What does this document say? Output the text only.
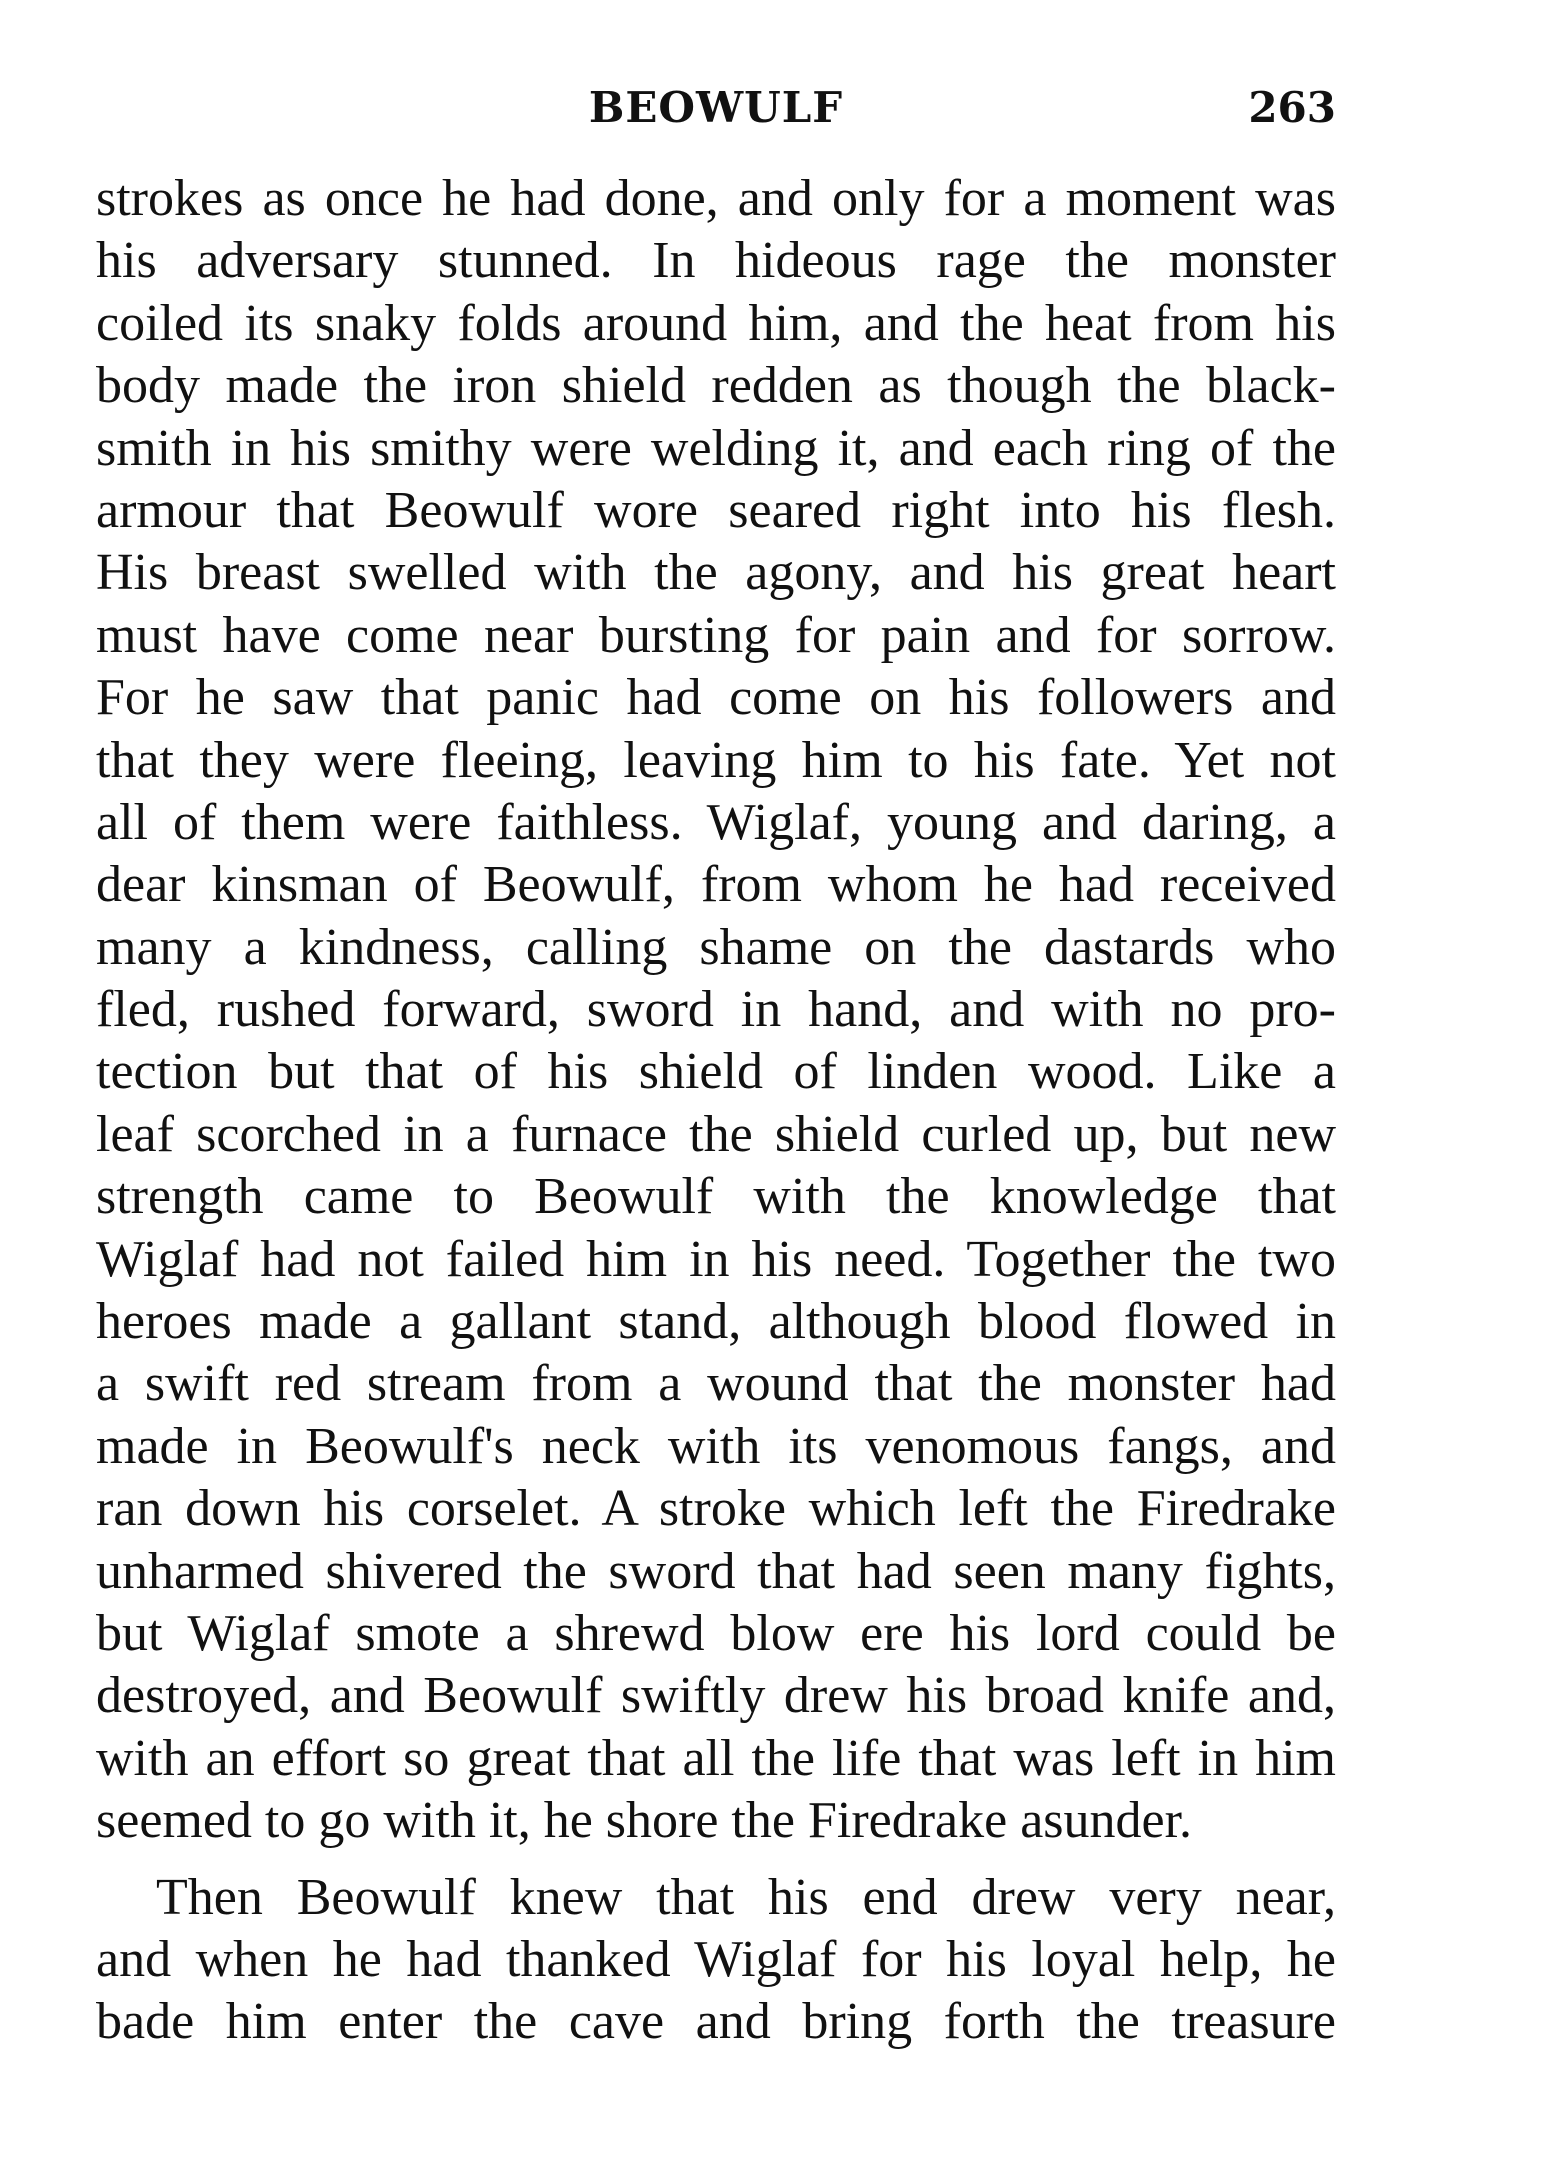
BEOWULF	263
strokes as once he had done, and only for a moment was
his adversary stunned. In hideous rage the monster
coiled its snaky folds around him, and the heat from his
body made the iron shield redden as though the black-
smith in his smithy were welding it, and each ring of the
armour that Beowulf wore seared right into his flesh.
His breast swelled with the agony, and his great heart
must have come near bursting for pain and for sorrow.
For he saw that panic had come on his followers and
that they were fleeing, leaving him to his fate. Yet not
all of them were faithless. Wiglaf, young and daring, a
dear kinsman of Beowulf, from whom he had received
many a kindness, calling shame on the dastards who
fled, rushed forward, sword in hand, and with no pro-
tection but that of his shield of linden wood. Like a
leaf scorched in a furnace the shield curled up, but new
strength came to Beowulf with the knowledge that
Wiglaf had not failed him in his need. Together the two
heroes made a gallant stand, although blood flowed in
a swift red stream from a wound that the monster had
made in Beowulf's neck with its venomous fangs, and
ran down his corselet. A stroke which left the Firedrake
unharmed shivered the sword that had seen many fights,
but Wiglaf smote a shrewd blow ere his lord could be
destroyed, and Beowulf swiftly drew his broad knife and,
with an effort so great that all the life that was left in him
seemed to go with it, he shore the Firedrake asunder.
Then Beowulf knew that his end drew very near,
and when he had thanked Wiglaf for his loyal help, he
bade him enter the cave and bring forth the treasure
